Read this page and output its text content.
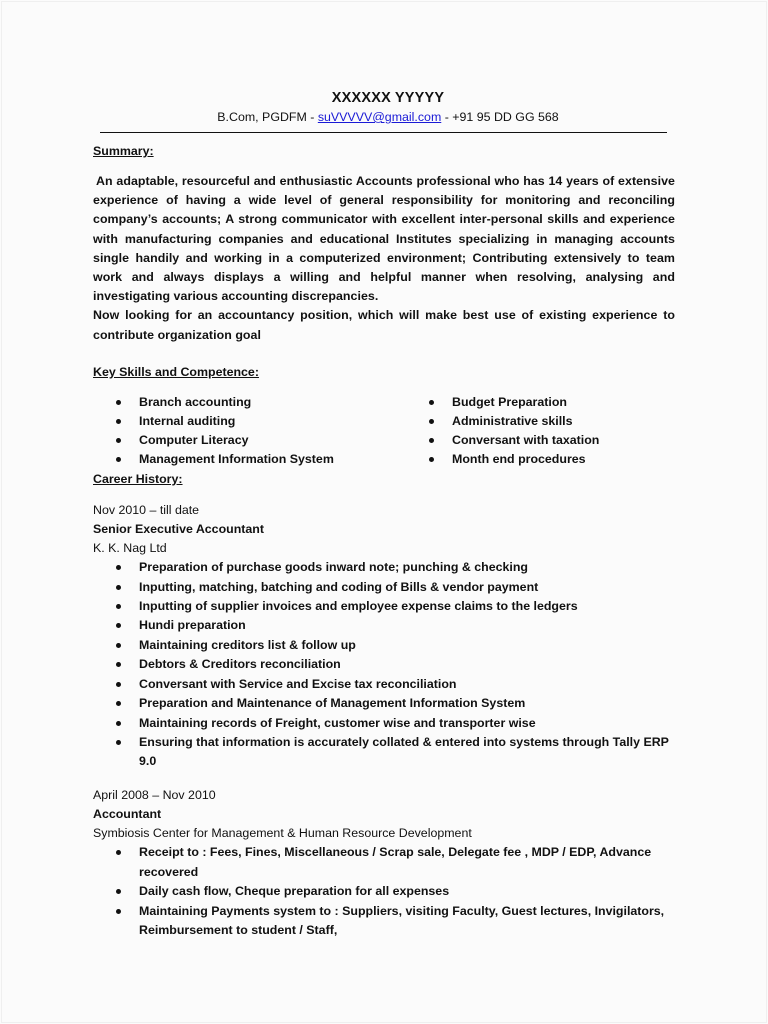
XXXXXX YYYYY
B.Com, PGDFM - suVVVVV@gmail.com - +91 95 DD GG 568
Summary:

An adaptable, resourceful and enthusiastic Accounts professional who has 14 years of extensive experience of having a wide level of general responsibility for monitoring and reconciling company’s accounts; A strong communicator with excellent inter-personal skills and experience with manufacturing companies and educational Institutes specializing in managing accounts single handily and working in a computerized environment; Contributing extensively to team work and always displays a willing and helpful manner when resolving, analysing and investigating various accounting discrepancies.

Now looking for an accountancy position, which will make best use of existing experience to contribute organization goal

Key Skills and Competence:
Branch accounting
Internal auditing
Computer Literacy
Management Information System
Budget Preparation
Administrative skills
Conversant with taxation
Month end procedures
Career History:
Nov 2010 – till date
Senior Executive Accountant
K. K. Nag Ltd
Preparation of purchase goods inward note; punching & checking
Inputting, matching, batching and coding of Bills & vendor payment
Inputting of supplier invoices and employee expense claims to the ledgers
Hundi preparation
Maintaining creditors list & follow up
Debtors & Creditors reconciliation
Conversant with Service and Excise tax reconciliation
Preparation and Maintenance of Management Information System
Maintaining records of Freight, customer wise and transporter wise
Ensuring that information is accurately collated & entered into systems through Tally ERP 9.0
April 2008 – Nov 2010
Accountant
Symbiosis Center for Management & Human Resource Development
Receipt to : Fees, Fines, Miscellaneous / Scrap sale, Delegate fee , MDP / EDP, Advance recovered
Daily cash flow, Cheque preparation for all expenses
Maintaining Payments system to : Suppliers, visiting Faculty, Guest lectures, Invigilators, Reimbursement to student / Staff,
